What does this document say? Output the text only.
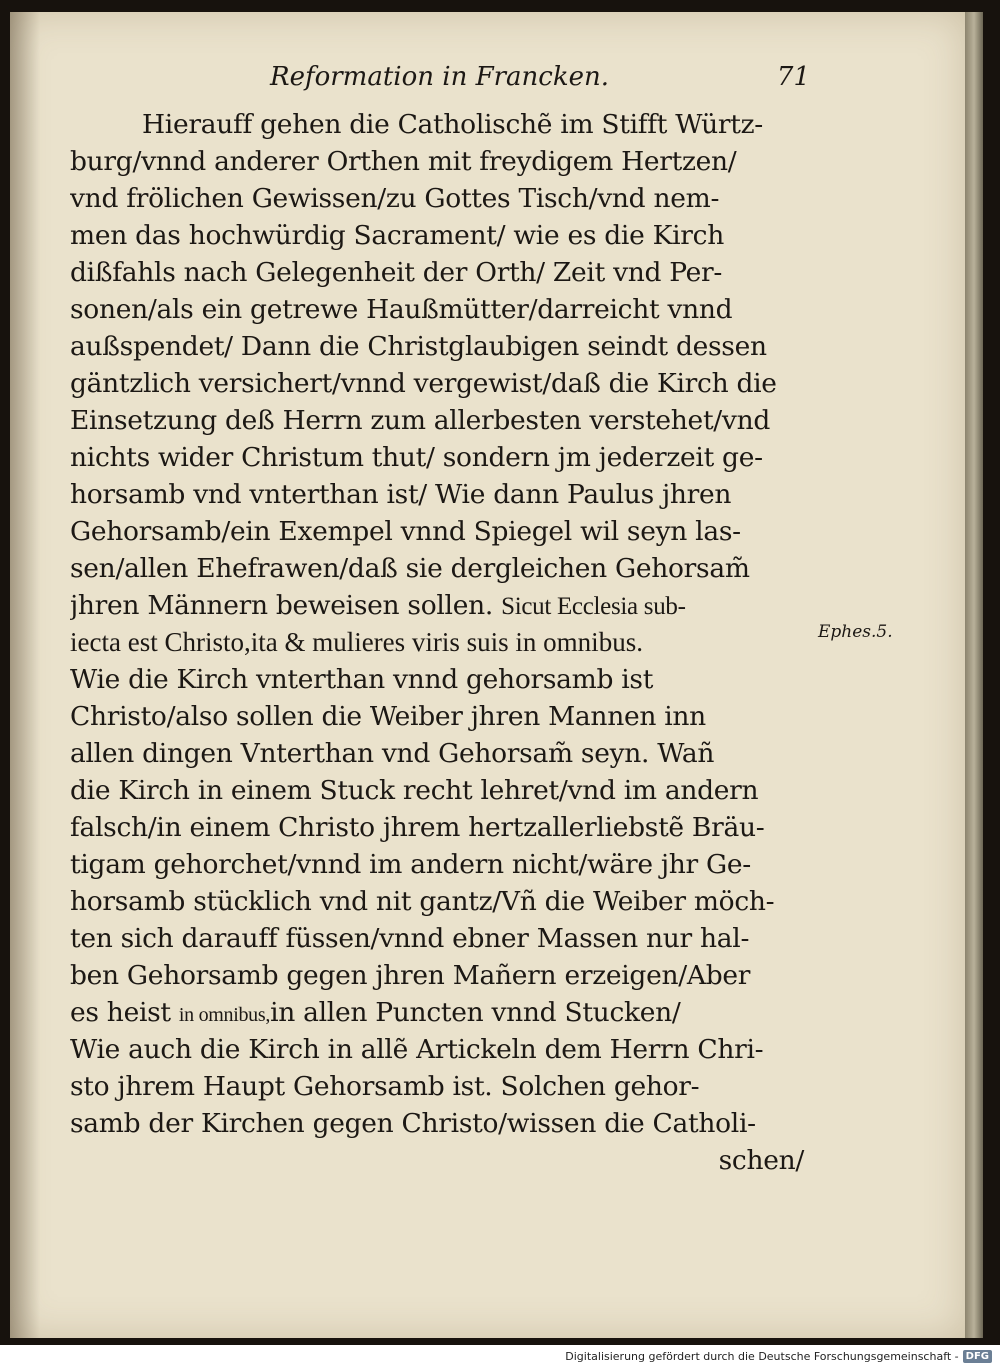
Reformation in Francken.	71
Hierauff gehen die Catholischẽ im Stifft Würtz-
burg/vnnd anderer Orthen mit freydigem Hertzen/
vnd frölichen Gewissen/zu Gottes Tisch/vnd nem-
men das hochwürdig Sacrament/ wie es die Kirch
dißfahls nach Gelegenheit der Orth/ Zeit vnd Per-
sonen/als ein getrewe Haußmütter/darreicht vnnd
außspendet/ Dann die Christglaubigen seindt dessen
gäntzlich versichert/vnnd vergewist/daß die Kirch die
Einsetzung deß Herrn zum allerbesten verstehet/vnd
nichts wider Christum thut/ sondern jm jederzeit ge-
horsamb vnd vnterthan ist/ Wie dann Paulus jhren
Gehorsamb/ein Exempel vnnd Spiegel wil seyn las-
sen/allen Ehefrawen/daß sie dergleichen Gehorsam̃
jhren Männern beweisen sollen. Sicut Ecclesia sub-
iecta est Christo,ita & mulieres viris suis in omnibus.
Wie die Kirch vnterthan vnnd gehorsamb ist
Christo/also sollen die Weiber jhren Mannen inn
allen dingen Vnterthan vnd Gehorsam̃ seyn. Wañ
die Kirch in einem Stuck recht lehret/vnd im andern
falsch/in einem Christo jhrem hertzallerliebstẽ Bräu-
tigam gehorchet/vnnd im andern nicht/wäre jhr Ge-
horsamb stücklich vnd nit gantz/Vñ die Weiber möch-
ten sich darauff füssen/vnnd ebner Massen nur hal-
ben Gehorsamb gegen jhren Mañern erzeigen/Aber
es heist in omnibus,in allen Puncten vnnd Stucken/
Wie auch die Kirch in allẽ Artickeln dem Herrn Chri-
sto jhrem Haupt Gehorsamb ist. Solchen gehor-
samb der Kirchen gegen Christo/wissen die Catholi-
schen/
Ephes.5.
Digitalisierung gefördert durch die Deutsche Forschungsgemeinschaft - DFG
